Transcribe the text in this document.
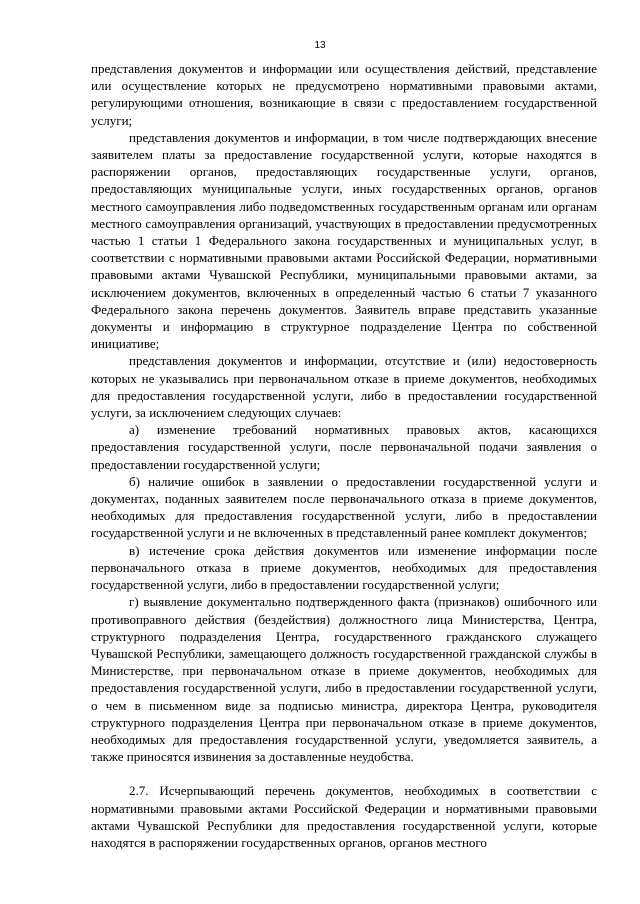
13

представления документов и информации или осуществления действий, представление или осуществление которых не предусмотрено нормативными правовыми актами, регулирующими отношения, возникающие в связи с предоставлением государственной услуги;

представления документов и информации, в том числе подтверждающих внесение заявителем платы за предоставление государственной услуги, которые находятся в распоряжении органов, предоставляющих государственные услуги, органов, предоставляющих муниципальные услуги, иных государственных органов, органов местного самоуправления либо подведомственных государственным органам или органам местного самоуправления организаций, участвующих в предоставлении предусмотренных частью 1 статьи 1 Федерального закона государственных и муниципальных услуг, в соответствии с нормативными правовыми актами Российской Федерации, нормативными правовыми актами Чувашской Республики, муниципальными правовыми актами, за исключением документов, включенных в определенный частью 6 статьи 7 указанного Федерального закона перечень документов. Заявитель вправе представить указанные документы и информацию в структурное подразделение Центра по собственной инициативе;

представления документов и информации, отсутствие и (или) недостоверность которых не указывались при первоначальном отказе в приеме документов, необходимых для предоставления государственной услуги, либо в предоставлении государственной услуги, за исключением следующих случаев:

а) изменение требований нормативных правовых актов, касающихся предоставления государственной услуги, после первоначальной подачи заявления о предоставлении государственной услуги;

б) наличие ошибок в заявлении о предоставлении государственной услуги и документах, поданных заявителем после первоначального отказа в приеме документов, необходимых для предоставления государственной услуги, либо в предоставлении государственной услуги и не включенных в представленный ранее комплект документов;

в) истечение срока действия документов или изменение информации после первоначального отказа в приеме документов, необходимых для предоставления государственной услуги, либо в предоставлении государственной услуги;

г) выявление документально подтвержденного факта (признаков) ошибочного или противоправного действия (бездействия) должностного лица Министерства, Центра, структурного подразделения Центра, государственного гражданского служащего Чувашской Республики, замещающего должность государственной гражданской службы в Министерстве, при первоначальном отказе в приеме документов, необходимых для предоставления государственной услуги, либо в предоставлении государственной услуги, о чем в письменном виде за подписью министра, директора Центра, руководителя структурного подразделения Центра при первоначальном отказе в приеме документов, необходимых для предоставления государственной услуги, уведомляется заявитель, а также приносятся извинения за доставленные неудобства.

2.7. Исчерпывающий перечень документов, необходимых в соответствии с нормативными правовыми актами Российской Федерации и нормативными правовыми актами Чувашской Республики для предоставления государственной услуги, которые находятся в распоряжении государственных органов, органов местного
